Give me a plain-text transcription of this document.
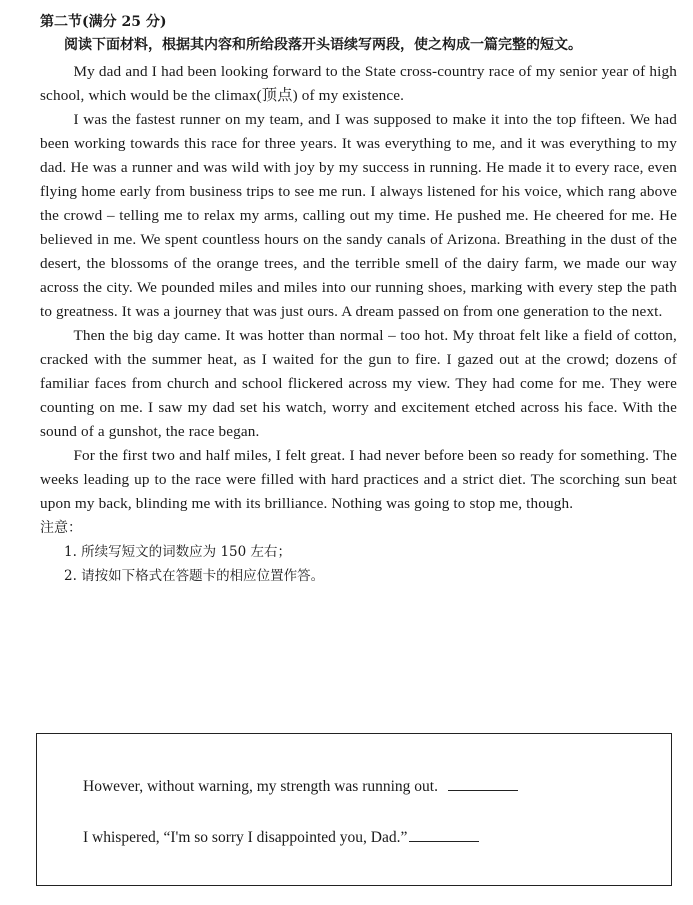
第二节(满分 25 分)

阅读下面材料，根据其内容和所给段落开头语续写两段，使之构成一篇完整的短文。

My dad and I had been looking forward to the State cross-country race of my senior year of high school, which would be the climax(顶点) of my existence.

I was the fastest runner on my team, and I was supposed to make it into the top fifteen. We had been working towards this race for three years. It was everything to me, and it was everything to my dad. He was a runner and was wild with joy by my success in running. He made it to every race, even flying home early from business trips to see me run. I always listened for his voice, which rang above the crowd – telling me to relax my arms, calling out my time. He pushed me. He cheered for me. He believed in me. We spent countless hours on the sandy canals of Arizona. Breathing in the dust of the desert, the blossoms of the orange trees, and the terrible smell of the dairy farm, we made our way across the city. We pounded miles and miles into our running shoes, marking with every step the path to greatness. It was a journey that was just ours. A dream passed on from one generation to the next.

Then the big day came. It was hotter than normal – too hot. My throat felt like a field of cotton, cracked with the summer heat, as I waited for the gun to fire. I gazed out at the crowd; dozens of familiar faces from church and school flickered across my view. They had come for me. They were counting on me. I saw my dad set his watch, worry and excitement etched across his face. With the sound of a gunshot, the race began.

For the first two and half miles, I felt great. I had never before been so ready for something. The weeks leading up to the race were filled with hard practices and a strict diet. The scorching sun beat upon my back, blinding me with its brilliance. Nothing was going to stop me, though.

注意：

1. 所续写短文的词数应为 150 左右；

2. 请按如下格式在答题卡的相应位置作答。

However, without warning, my strength was running out.
I whispered, “I'm so sorry I disappointed you, Dad.”
